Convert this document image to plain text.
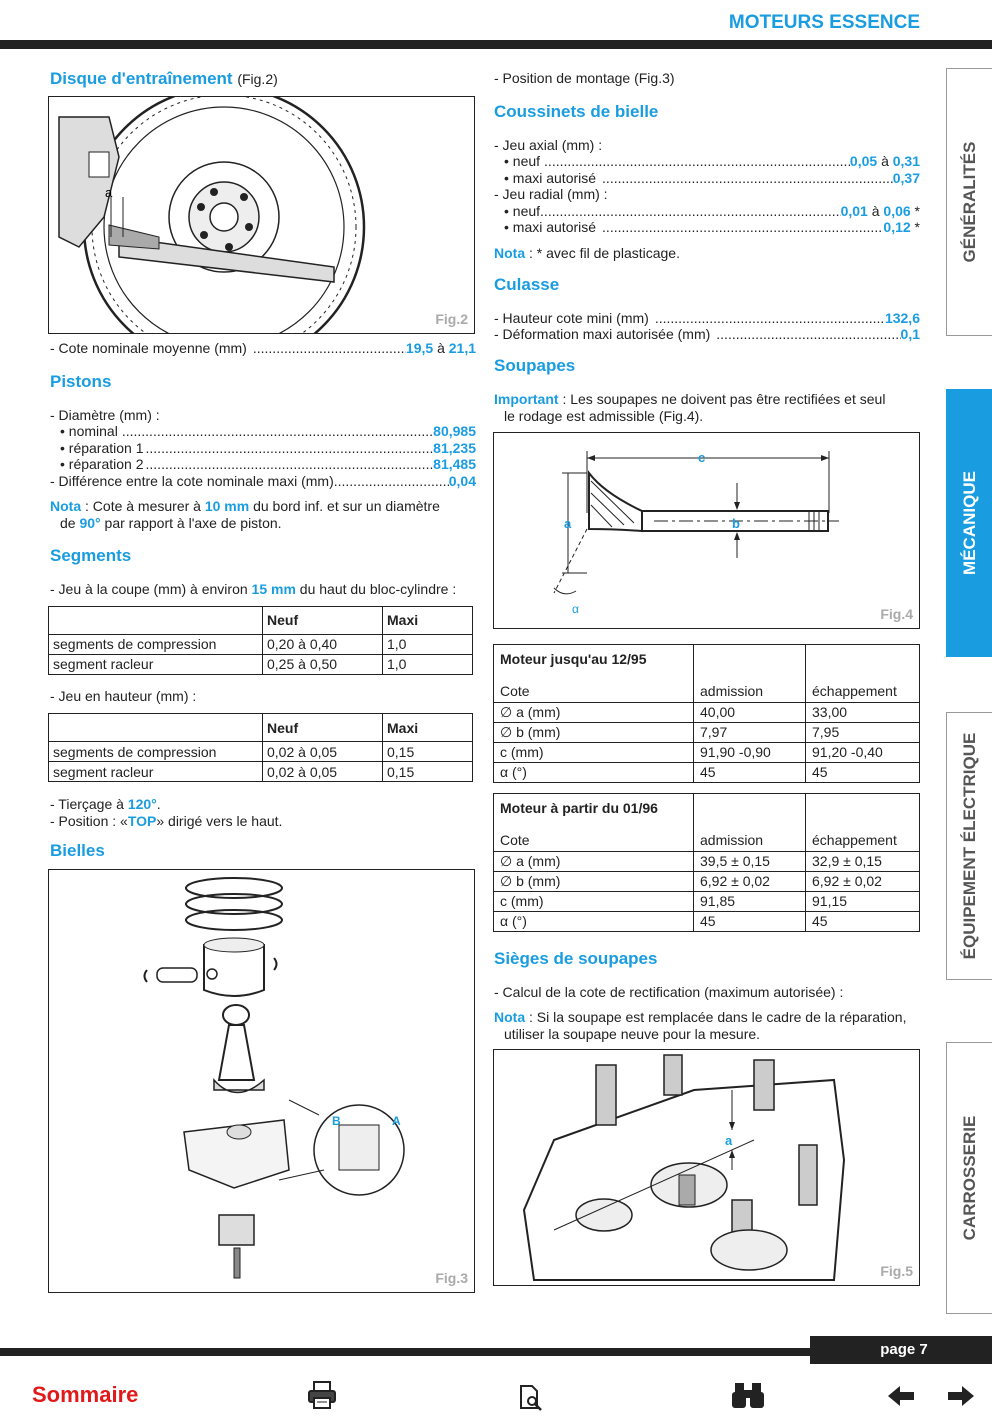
MOTEURS ESSENCE
GÉNÉRALITÉS
MÉCANIQUE
ÉQUIPEMENT ÉLECTRIQUE
CARROSSERIE
Disque d'entraînement (Fig.2)
a
Fig.2
- Cote nominale moyenne (mm) .....	19,5 à 21,1
Pistons
- Diamètre (mm) :
• nominal .....	80,985
• réparation 1 .....	81,235
• réparation 2 .....	81,485
- Différence entre la cote nominale maxi (mm) .....	0,04
Nota : Cote à mesurer à 10 mm du bord inf. et sur un diamètre
de 90° par rapport à l'axe de piston.
Segments
- Jeu à la coupe (mm) à environ 15 mm du haut du bloc-cylindre :
	Neuf	Maxi
segments de compression	0,20 à 0,40	1,0
segment racleur	0,25 à 0,50	1,0
- Jeu en hauteur (mm) :
	Neuf	Maxi
segments de compression	0,02 à 0,05	0,15
segment racleur	0,02 à 0,05	0,15
- Tierçage à 120°.
- Position : «TOP» dirigé vers le haut.
Bielles
B	A
Fig.3
- Position de montage (Fig.3)
Coussinets de bielle
- Jeu axial (mm) :
• neuf .....	0,05 à 0,31
• maxi autorisé .....	0,37
- Jeu radial (mm) :
• neuf .....	0,01 à 0,06 *
• maxi autorisé .....	0,12 *
Nota : * avec fil de plasticage.
Culasse
- Hauteur cote mini (mm) .....	132,6
- Déformation maxi autorisée (mm) .....	0,1
Soupapes
Important : Les soupapes ne doivent pas être rectifiées et seul
le rodage est admissible (Fig.4).
c
b
a
α	Fig.4
Moteur jusqu'au 12/95		
Cote	admission	échappement
∅ a (mm)	40,00	33,00
∅ b (mm)	7,97	7,95
c (mm)	91,90 -0,90	91,20 -0,40
α (°)	45	45
Moteur à partir du 01/96		
Cote	admission	échappement
∅ a (mm)	39,5 ± 0,15	32,9 ± 0,15
∅ b (mm)	6,92 ± 0,02	6,92 ± 0,02
c (mm)	91,85	91,15
α (°)	45	45
Sièges de soupapes
- Calcul de la cote de rectification (maximum autorisée) :
Nota : Si la soupape est remplacée dans le cadre de la réparation,
utiliser la soupape neuve pour la mesure.
a
Fig.5
page 7
Sommaire
